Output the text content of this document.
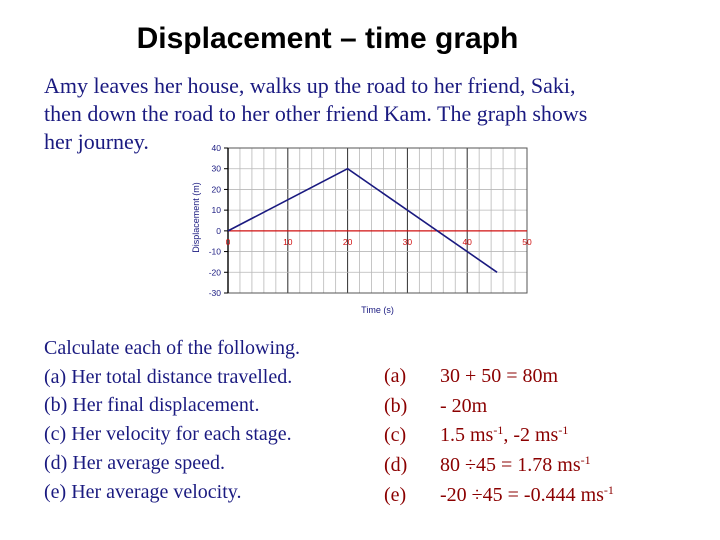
Displacement – time graph
Amy leaves her house, walks up the road to her friend, Saki,
then down the road to her other friend Kam. The graph shows
her journey.	40
30
20
10
0
-10
-20
-30
0	10	20	30	40	50
Time (s)
Displacement (m)
Calculate each of the following.
(a) Her total distance travelled.
(b) Her final displacement.
(c) Her velocity for each stage.
(d) Her average speed.
(e) Her average velocity.
(a)	30 + 50 = 80m
(b)	- 20m
(c)	1.5 $ms^{-1}$, -2 $ms^{-1}$
(d)	80 ÷45 = 1.78 $ms^{-1}$
(e)	-20 ÷45 = -0.444 $ms^{-1}$
